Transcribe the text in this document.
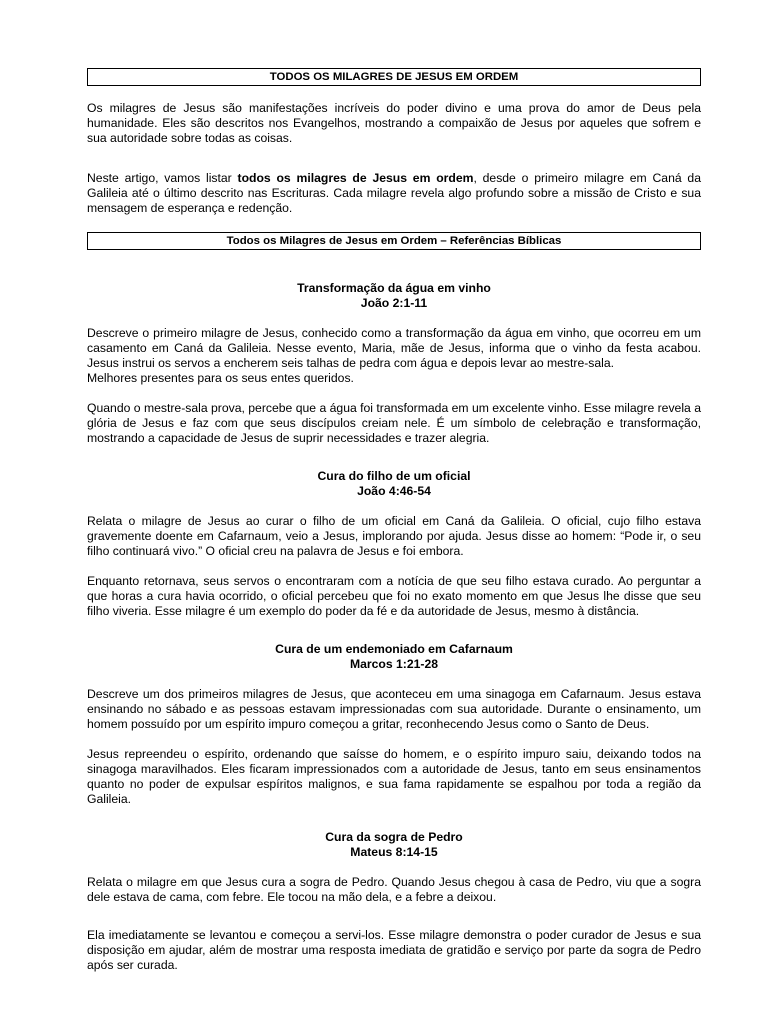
TODOS OS MILAGRES DE JESUS EM ORDEM

Os milagres de Jesus são manifestações incríveis do poder divino e uma prova do amor de Deus pela humanidade. Eles são descritos nos Evangelhos, mostrando a compaixão de Jesus por aqueles que sofrem e sua autoridade sobre todas as coisas.

Neste artigo, vamos listar todos os milagres de Jesus em ordem, desde o primeiro milagre em Caná da Galileia até o último descrito nas Escrituras. Cada milagre revela algo profundo sobre a missão de Cristo e sua mensagem de esperança e redenção.

Todos os Milagres de Jesus em Ordem – Referências Bíblicas
Transformação da água em vinho
João 2:1-11

Descreve o primeiro milagre de Jesus, conhecido como a transformação da água em vinho, que ocorreu em um casamento em Caná da Galileia. Nesse evento, Maria, mãe de Jesus, informa que o vinho da festa acabou. Jesus instrui os servos a encherem seis talhas de pedra com água e depois levar ao mestre-sala.
Melhores presentes para os seus entes queridos.

Quando o mestre-sala prova, percebe que a água foi transformada em um excelente vinho. Esse milagre revela a glória de Jesus e faz com que seus discípulos creiam nele. É um símbolo de celebração e transformação, mostrando a capacidade de Jesus de suprir necessidades e trazer alegria.

Cura do filho de um oficial
João 4:46-54

Relata o milagre de Jesus ao curar o filho de um oficial em Caná da Galileia. O oficial, cujo filho estava gravemente doente em Cafarnaum, veio a Jesus, implorando por ajuda. Jesus disse ao homem: “Pode ir, o seu filho continuará vivo.” O oficial creu na palavra de Jesus e foi embora.

Enquanto retornava, seus servos o encontraram com a notícia de que seu filho estava curado. Ao perguntar a que horas a cura havia ocorrido, o oficial percebeu que foi no exato momento em que Jesus lhe disse que seu filho viveria. Esse milagre é um exemplo do poder da fé e da autoridade de Jesus, mesmo à distância.

Cura de um endemoniado em Cafarnaum
Marcos 1:21-28

Descreve um dos primeiros milagres de Jesus, que aconteceu em uma sinagoga em Cafarnaum. Jesus estava ensinando no sábado e as pessoas estavam impressionadas com sua autoridade. Durante o ensinamento, um homem possuído por um espírito impuro começou a gritar, reconhecendo Jesus como o Santo de Deus.

Jesus repreendeu o espírito, ordenando que saísse do homem, e o espírito impuro saiu, deixando todos na sinagoga maravilhados. Eles ficaram impressionados com a autoridade de Jesus, tanto em seus ensinamentos quanto no poder de expulsar espíritos malignos, e sua fama rapidamente se espalhou por toda a região da Galileia.

Cura da sogra de Pedro
Mateus 8:14-15

Relata o milagre em que Jesus cura a sogra de Pedro. Quando Jesus chegou à casa de Pedro, viu que a sogra dele estava de cama, com febre. Ele tocou na mão dela, e a febre a deixou.

Ela imediatamente se levantou e começou a servi-los. Esse milagre demonstra o poder curador de Jesus e sua disposição em ajudar, além de mostrar uma resposta imediata de gratidão e serviço por parte da sogra de Pedro após ser curada.
